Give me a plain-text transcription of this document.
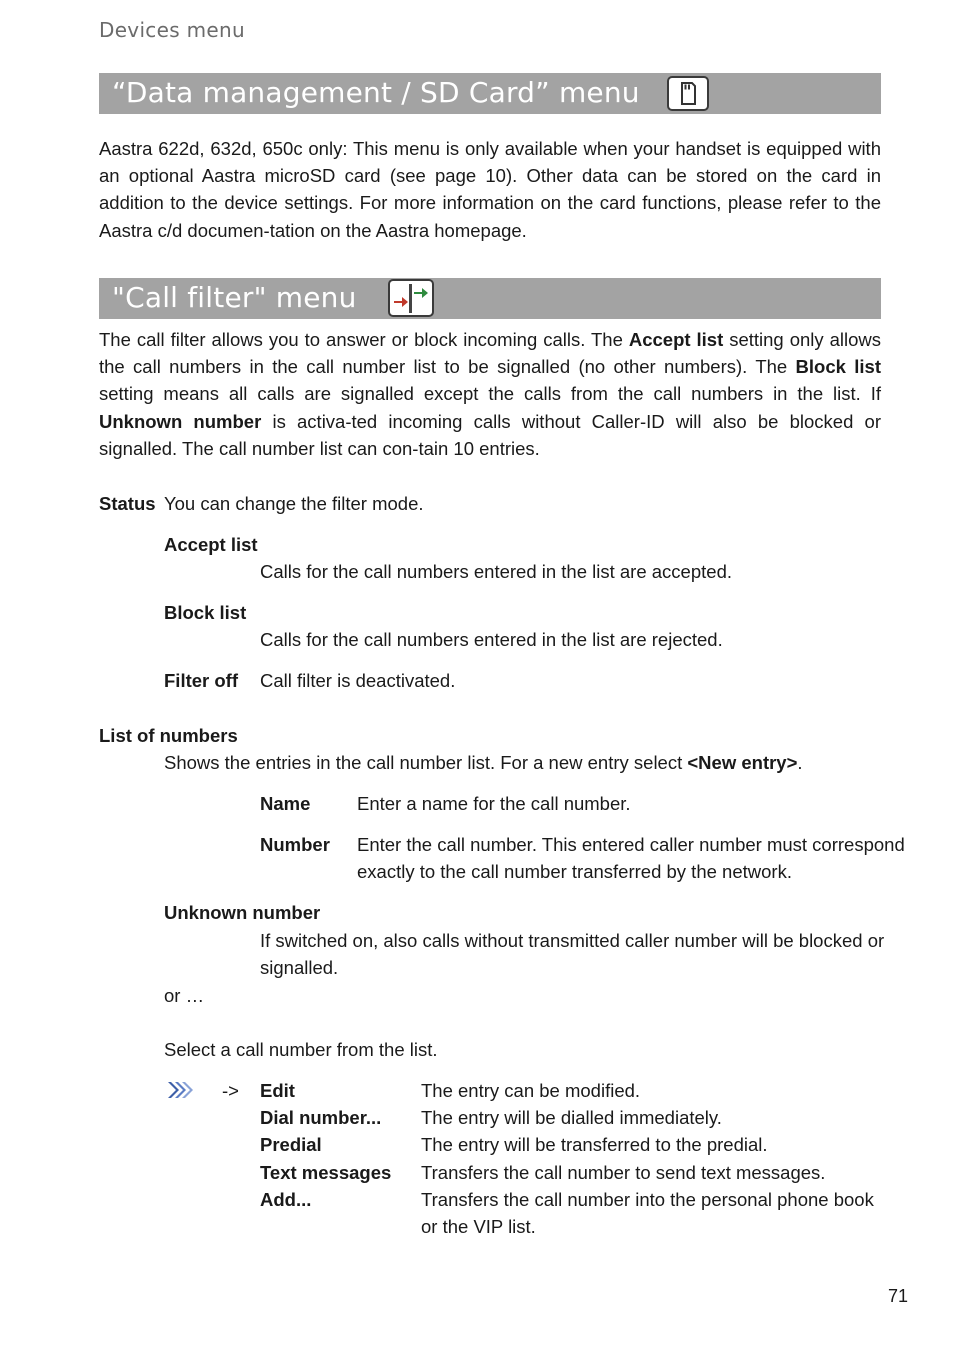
Devices menu
“Data management / SD Card” menu
Aastra 622d, 632d, 650c only: This menu is only available when your handset is equipped with an optional Aastra microSD card (see page 10). Other data can be stored on the card in addition to the device settings. For more information on the card functions, please refer to the Aastra c/d documen-tation on the Aastra homepage.
"Call filter" menu
The call filter allows you to answer or block incoming calls. The Accept list setting only allows the call numbers in the call number list to be signalled (no other numbers). The Block list setting means all calls are signalled except the calls from the call numbers in the list. If Unknown number is activa-ted incoming calls without Caller-ID will also be blocked or signalled. The call number list can con-tain 10 entries.
Status You can change the filter mode.
Accept list
Calls for the call numbers entered in the list are accepted.
Block list
Calls for the call numbers entered in the list are rejected.
Filter off Call filter is deactivated.
List of numbers
Shows the entries in the call number list. For a new entry select <New entry>.
Name	Enter a name for the call number.
Number Enter the call number. This entered caller number must correspond
exactly to the call number transferred by the network.
Unknown number
If switched on, also calls without transmitted caller number will be blocked or
signalled.
or …
Select a call number from the list.
-> Edit	The entry can be modified.
Dial number... The entry will be dialled immediately.
Predial	The entry will be transferred to the predial.
Text messages Transfers the call number to send text messages.
Add...	Transfers the call number into the personal phone book
or the VIP list.
71
